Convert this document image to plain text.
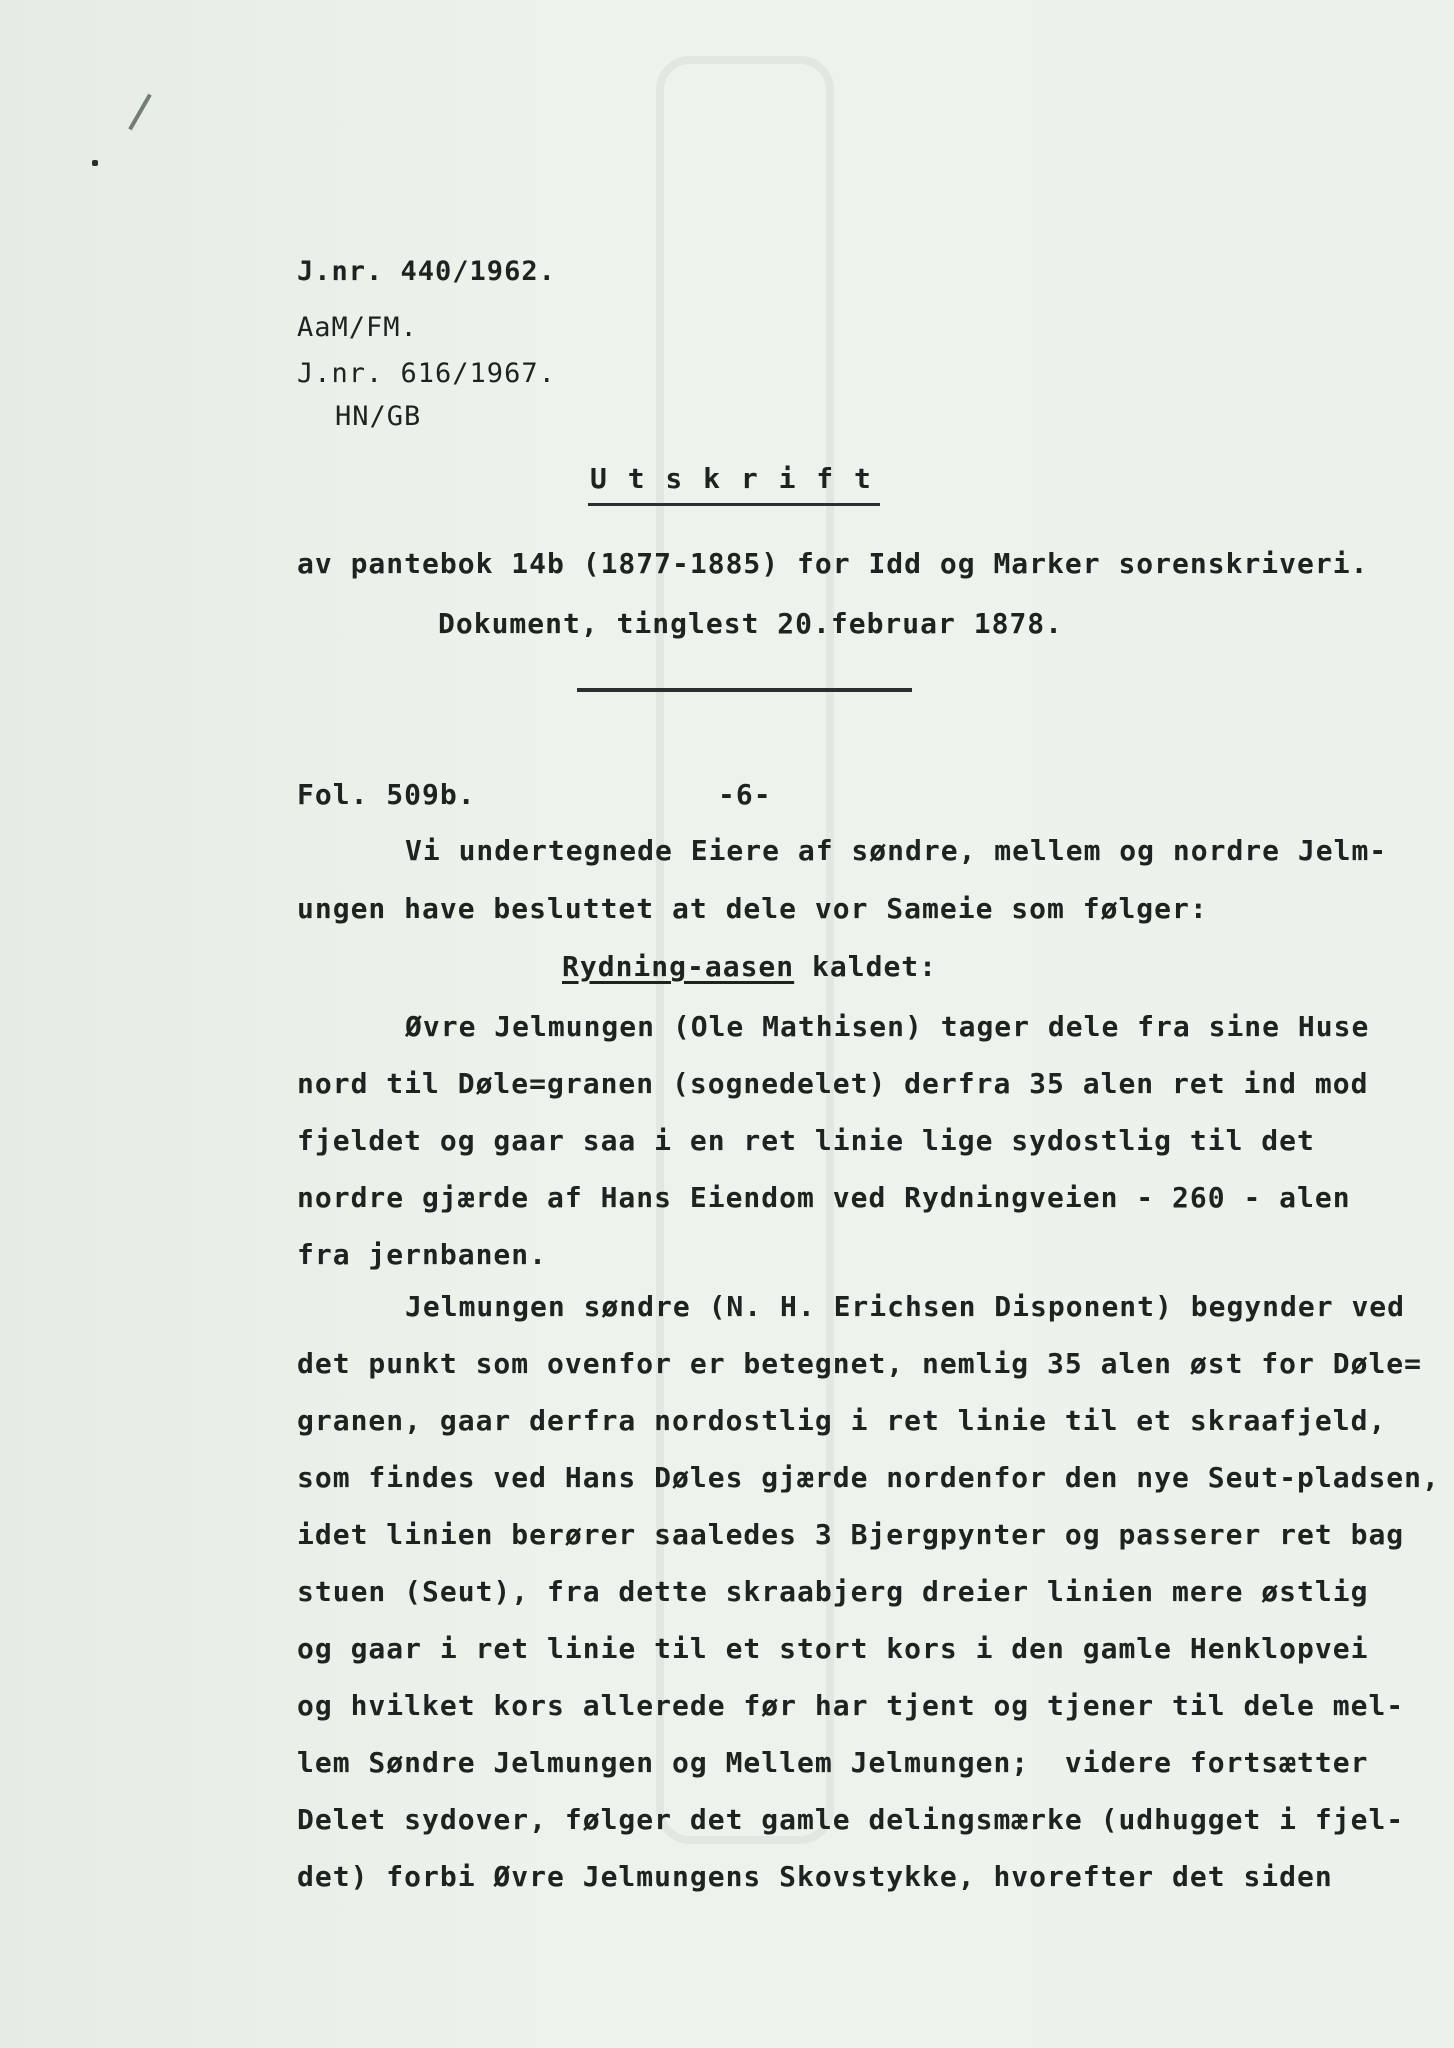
J.nr. 440/1962.
AaM/FM.
J.nr. 616/1967.
HN/GB
U t s k r i f t
av pantebok 14b (1877-1885) for Idd og Marker sorenskriveri.
Dokument, tinglest 20.februar 1878.
Fol. 509b.	-6-
Vi undertegnede Eiere af søndre, mellem og nordre Jelm-
ungen have besluttet at dele vor Sameie som følger:
Rydning-aasen kaldet:
Øvre Jelmungen (Ole Mathisen) tager dele fra sine Huse
nord til Døle=granen (sognedelet) derfra 35 alen ret ind mod
fjeldet og gaar saa i en ret linie lige sydostlig til det
nordre gjærde af Hans Eiendom ved Rydningveien - 260 - alen
fra jernbanen.
Jelmungen søndre (N. H. Erichsen Disponent) begynder ved
det punkt som ovenfor er betegnet, nemlig 35 alen øst for Døle=
granen, gaar derfra nordostlig i ret linie til et skraafjeld,
som findes ved Hans Døles gjærde nordenfor den nye Seut-pladsen,
idet linien berører saaledes 3 Bjergpynter og passerer ret bag
stuen (Seut), fra dette skraabjerg dreier linien mere østlig
og gaar i ret linie til et stort kors i den gamle Henklopvei
og hvilket kors allerede før har tjent og tjener til dele mel-
lem Søndre Jelmungen og Mellem Jelmungen;  videre fortsætter
Delet sydover, følger det gamle delingsmærke (udhugget i fjel-
det) forbi Øvre Jelmungens Skovstykke, hvorefter det siden
